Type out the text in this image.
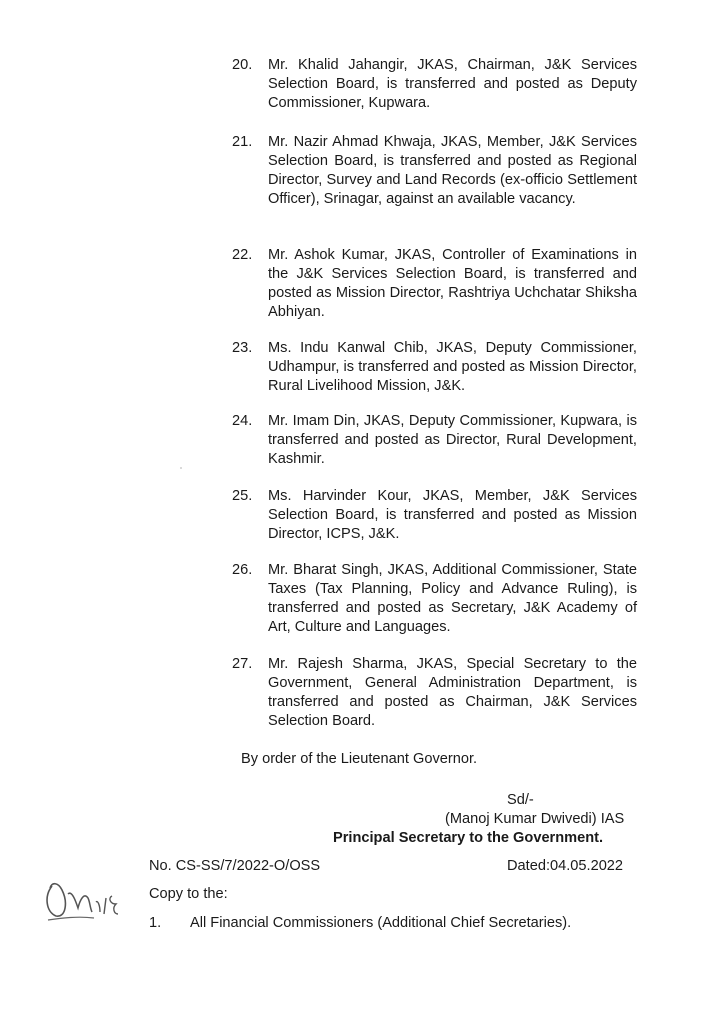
20.	Mr. Khalid Jahangir, JKAS, Chairman, J&K Services Selection Board, is transferred and posted as Deputy Commissioner, Kupwara.
21.	Mr. Nazir Ahmad Khwaja, JKAS, Member, J&K Services Selection Board, is transferred and posted as Regional Director, Survey and Land Records (ex-officio Settlement Officer), Srinagar, against an available vacancy.
22.	Mr. Ashok Kumar, JKAS, Controller of Examinations in the J&K Services Selection Board, is transferred and posted as Mission Director, Rashtriya Uchchatar Shiksha Abhiyan.
23.	Ms. Indu Kanwal Chib, JKAS, Deputy Commissioner, Udhampur, is transferred and posted as Mission Director, Rural Livelihood Mission, J&K.
24.	Mr. Imam Din, JKAS, Deputy Commissioner, Kupwara, is transferred and posted as Director, Rural Development, Kashmir.
25.	Ms. Harvinder Kour, JKAS, Member, J&K Services Selection Board, is transferred and posted as Mission Director, ICPS, J&K.
26.	Mr. Bharat Singh, JKAS, Additional Commissioner, State Taxes (Tax Planning, Policy and Advance Ruling), is transferred and posted as Secretary, J&K Academy of Art, Culture and Languages.
27.	Mr. Rajesh Sharma, JKAS, Special Secretary to the Government, General Administration Department, is transferred and posted as Chairman, J&K Services Selection Board.
By order of the Lieutenant Governor.
Sd/-
(Manoj Kumar Dwivedi) IAS
Principal Secretary to the Government.
No. CS-SS/7/2022-O/OSS	Dated:04.05.2022
Copy to the:
1. All Financial Commissioners (Additional Chief Secretaries).
